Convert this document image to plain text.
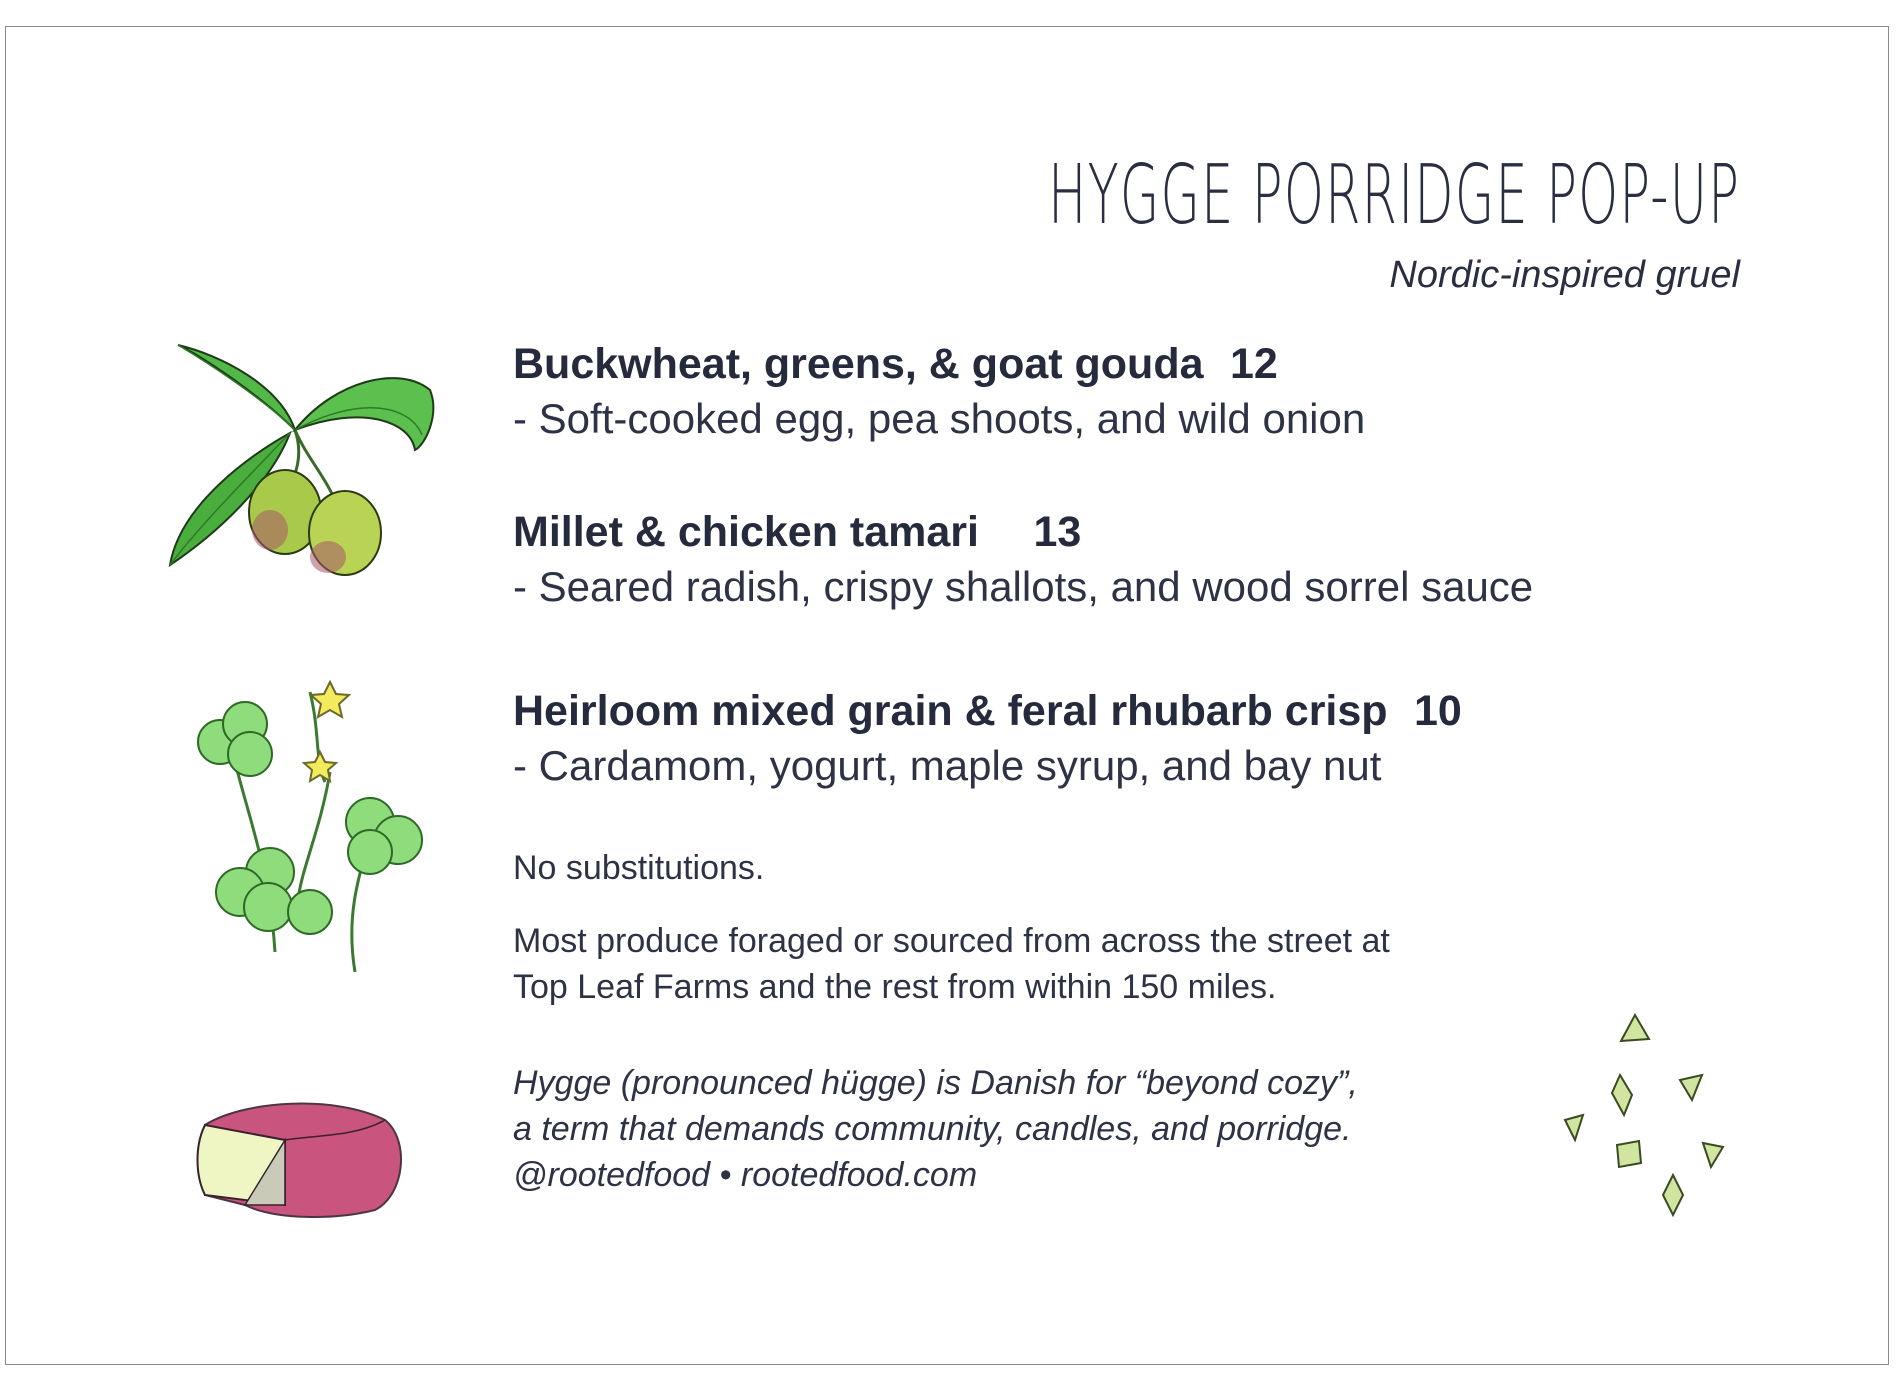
HYGGE PORRIDGE POP-UP
Nordic-inspired gruel
Buckwheat, greens, & goat gouda 12
- Soft-cooked egg, pea shoots, and wild onion
Millet & chicken tamari 13
- Seared radish, crispy shallots, and wood sorrel sauce
Heirloom mixed grain & feral rhubarb crisp 10
- Cardamom, yogurt, maple syrup, and bay nut
No substitutions.
Most produce foraged or sourced from across the street at
Top Leaf Farms and the rest from within 150 miles.
Hygge (pronounced hügge) is Danish for “beyond cozy”,
a term that demands community, candles, and porridge.
@rootedfood • rootedfood.com
